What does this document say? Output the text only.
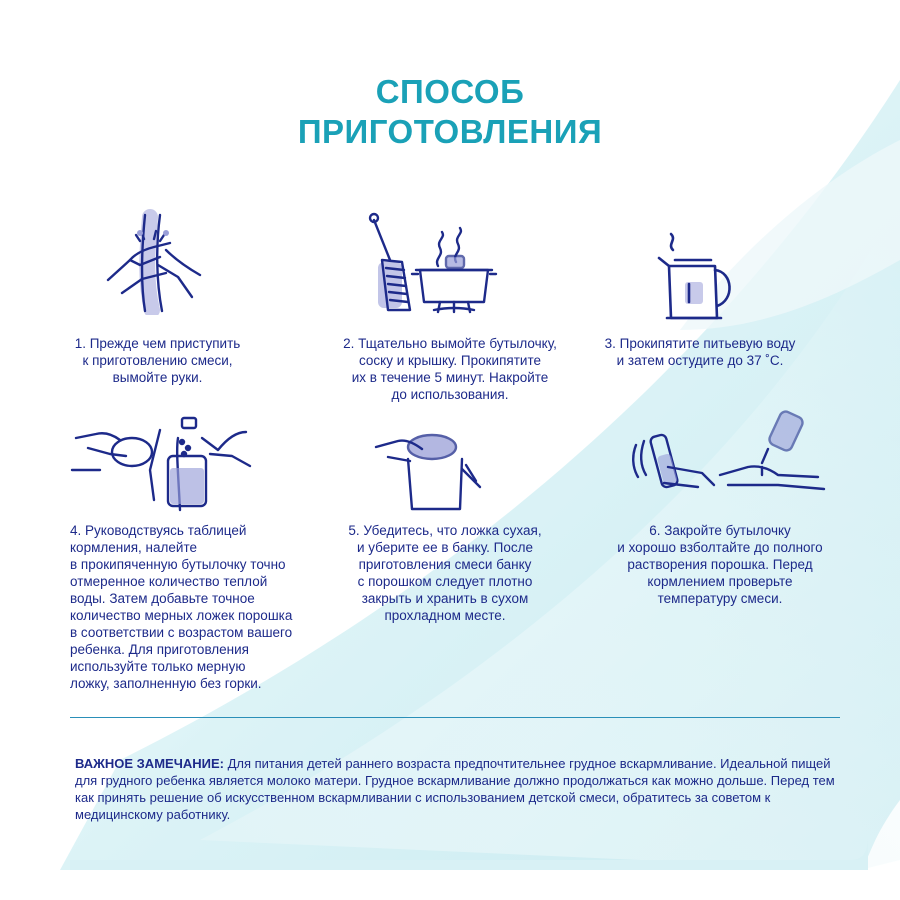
СПОСОБ
ПРИГОТОВЛЕНИЯ

1. Прежде чем приступить
к приготовлению смеси,
вымойте руки.

2. Тщательно вымойте бутылочку,
соску и крышку. Прокипятите
их в течение 5 минут. Накройте
до использования.

3. Прокипятите питьевую воду
и затем остудите до 37 ˚С.

4. Руководствуясь таблицей
кормления, налейте
в прокипяченную бутылочку точно
отмеренное количество теплой
воды. Затем добавьте точное
количество мерных ложек порошка
в соответствии с возрастом вашего
ребенка. Для приготовления
используйте только мерную
ложку, заполненную без горки.

5. Убедитесь, что ложка сухая,
и уберите ее в банку. После
приготовления смеси банку
с порошком следует плотно
закрыть и хранить в сухом
прохладном месте.

6. Закройте бутылочку
и хорошо взболтайте до полного
растворения порошка. Перед
кормлением проверьте
температуру смеси.

ВАЖНОЕ ЗАМЕЧАНИЕ: Для питания детей раннего возраста предпочтительнее грудное вскармливание. Идеальной пищей для грудного ребенка является молоко матери. Грудное вскармливание должно продолжаться как можно дольше. Перед тем как принять решение об искусственном вскармливании с использованием детской смеси, обратитесь за советом к медицинскому работнику.
